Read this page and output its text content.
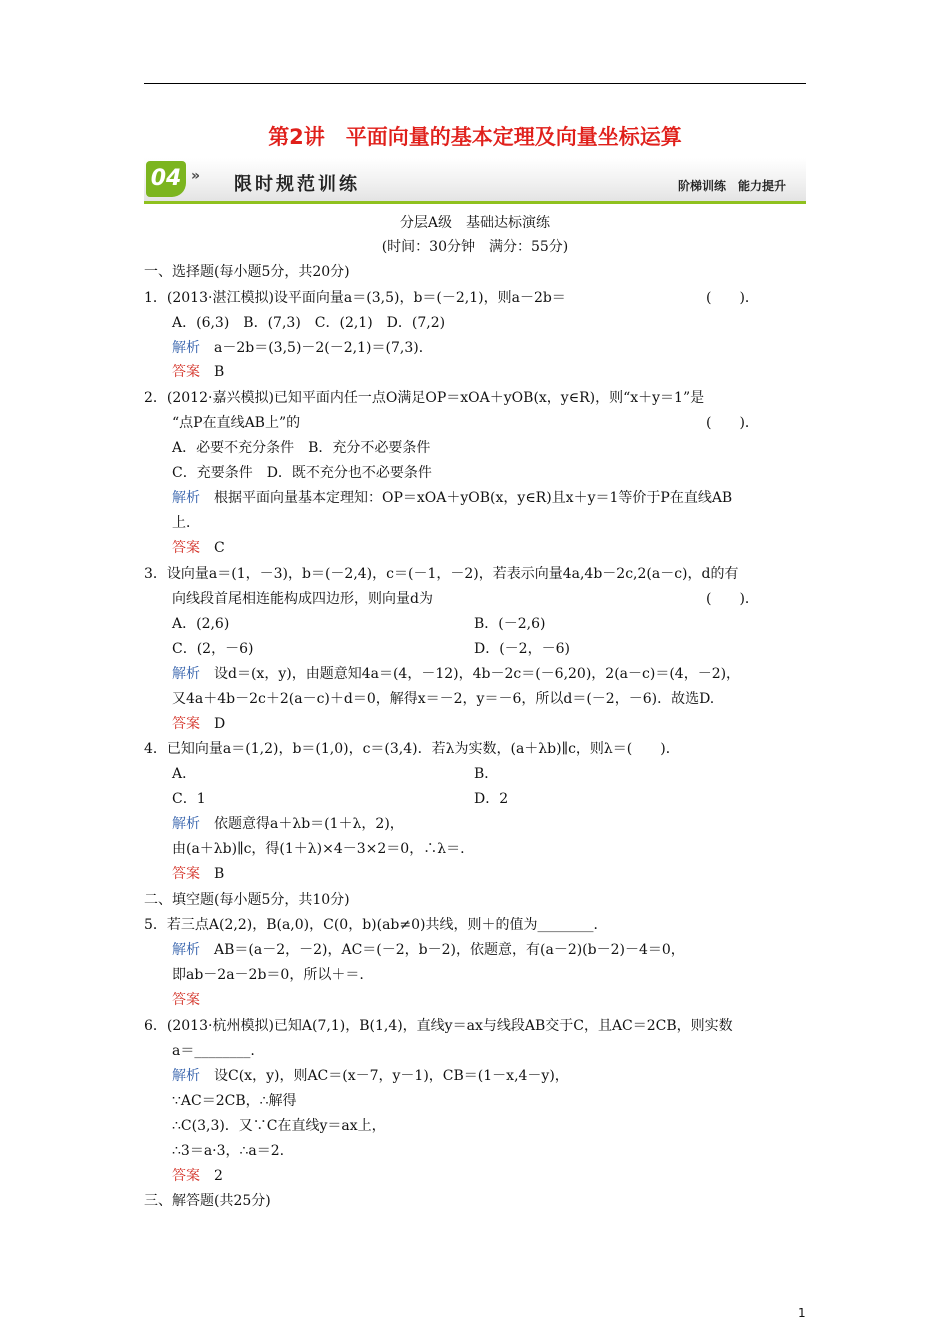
第2讲　平面向量的基本定理及向量坐标运算
04 » 限时规范训练	阶梯训练　能力提升
分层A级　基础达标演练
(时间：30分钟　满分：55分)
一、选择题(每小题5分，共20分)
1．(2013·湛江模拟)设平面向量a＝(3,5)，b＝(－2,1)，则a－2b＝	(　　)．
A．(6,3)　B．(7,3)　C．(2,1)　D．(7,2)
解析　a－2b＝(3,5)－2(－2,1)＝(7,3)．
答案　B
2．(2012·嘉兴模拟)已知平面内任一点O满足OP＝xOA＋yOB(x，y∈R)，则“x＋y＝1”是
“点P在直线AB上”的	(　　)．
A．必要不充分条件　B．充分不必要条件
C．充要条件　D．既不充分也不必要条件
解析　根据平面向量基本定理知：OP＝xOA＋yOB(x，y∈R)且x＋y＝1等价于P在直线AB
上．
答案　C
3．设向量a＝(1，－3)，b＝(－2,4)，c＝(－1，－2)，若表示向量4a,4b－2c,2(a－c)，d的有
向线段首尾相连能构成四边形，则向量d为	(　　)．
A．(2,6)	B．(－2,6)
C．(2，－6)	D．(－2，－6)
解析　设d＝(x，y)，由题意知4a＝(4，－12)，4b－2c＝(－6,20)，2(a－c)＝(4，－2)，
又4a＋4b－2c＋2(a－c)＋d＝0，解得x＝－2，y＝－6，所以d＝(－2，－6)．故选D.
答案　D
4．已知向量a＝(1,2)，b＝(1,0)，c＝(3,4)．若λ为实数，(a＋λb)∥c，则λ＝(　　)．
A．	B．
C．1	D．2
解析　依题意得a＋λb＝(1＋λ，2)，
由(a＋λb)∥c，得(1＋λ)×4－3×2＝0，∴λ＝.
答案　B
二、填空题(每小题5分，共10分)
5．若三点A(2,2)，B(a,0)，C(0，b)(ab≠0)共线，则＋的值为________．
解析　AB＝(a－2，－2)，AC＝(－2，b－2)，依题意，有(a－2)(b－2)－4＝0，
即ab－2a－2b＝0，所以＋＝.
答案
6．(2013·杭州模拟)已知A(7,1)，B(1,4)，直线y＝ax与线段AB交于C，且AC＝2CB，则实数
a＝________.
解析　设C(x，y)，则AC＝(x－7，y－1)，CB＝(1－x,4－y)，
∵AC＝2CB，∴解得
∴C(3,3)．又∵C在直线y＝ax上，
∴3＝a·3，∴a＝2.
答案　2
三、解答题(共25分)
1
